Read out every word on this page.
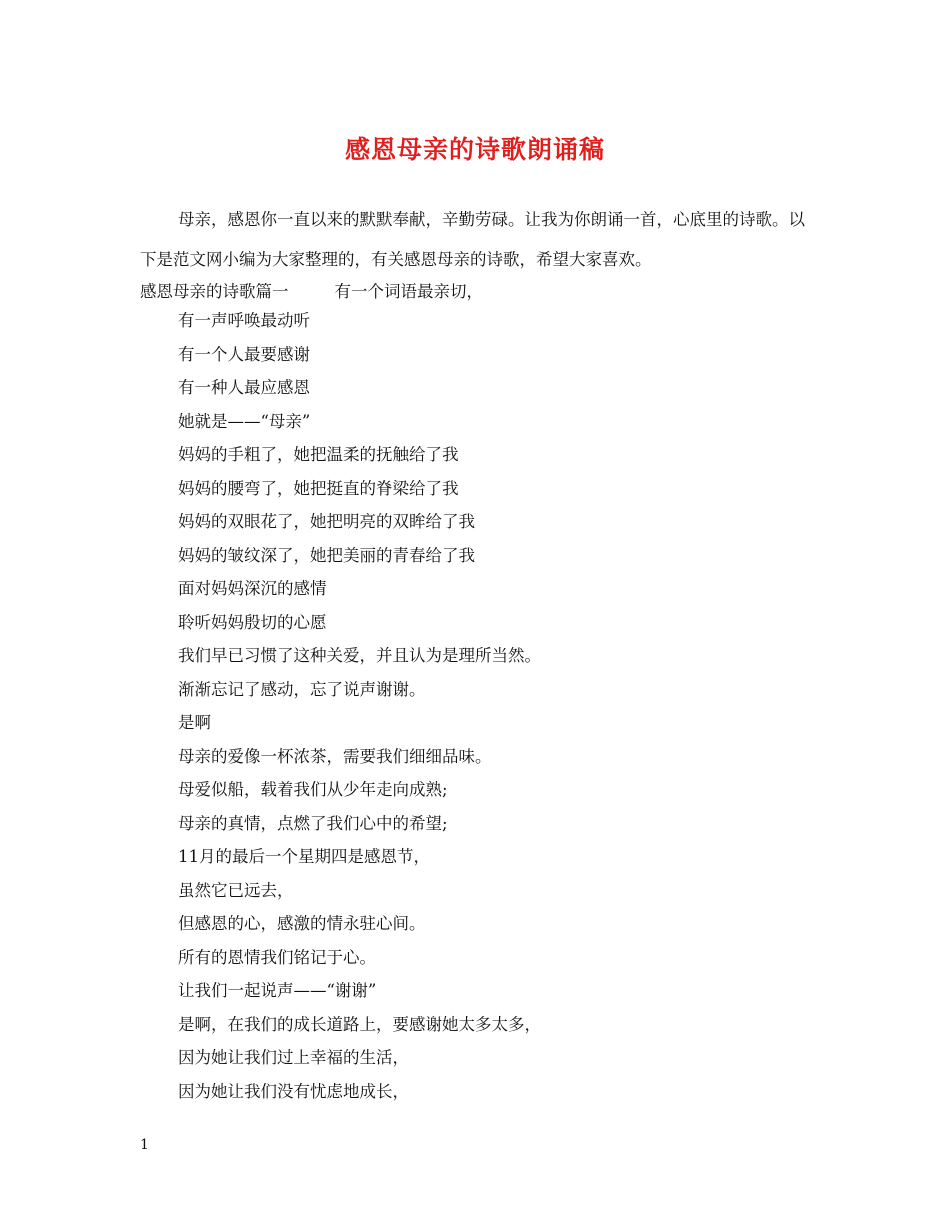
感恩母亲的诗歌朗诵稿

母亲，感恩你一直以来的默默奉献，辛勤劳碌。让我为你朗诵一首，心底里的诗歌。以下是范文网小编为大家整理的，有关感恩母亲的诗歌，希望大家喜欢。

感恩母亲的诗歌篇一	有一个词语最亲切，
有一声呼唤最动听
有一个人最要感谢
有一种人最应感恩
她就是——“母亲”
妈妈的手粗了，她把温柔的抚触给了我
妈妈的腰弯了，她把挺直的脊梁给了我
妈妈的双眼花了，她把明亮的双眸给了我
妈妈的皱纹深了，她把美丽的青春给了我
面对妈妈深沉的感情
聆听妈妈殷切的心愿
我们早已习惯了这种关爱，并且认为是理所当然。
渐渐忘记了感动，忘了说声谢谢。
是啊
母亲的爱像一杯浓茶，需要我们细细品味。
母爱似船，载着我们从少年走向成熟;
母亲的真情，点燃了我们心中的希望;
11月的最后一个星期四是感恩节，
虽然它已远去，
但感恩的心，感激的情永驻心间。
所有的恩情我们铭记于心。
让我们一起说声——“谢谢”
是啊，在我们的成长道路上，要感谢她太多太多，
因为她让我们过上幸福的生活，
因为她让我们没有忧虑地成长，
1
